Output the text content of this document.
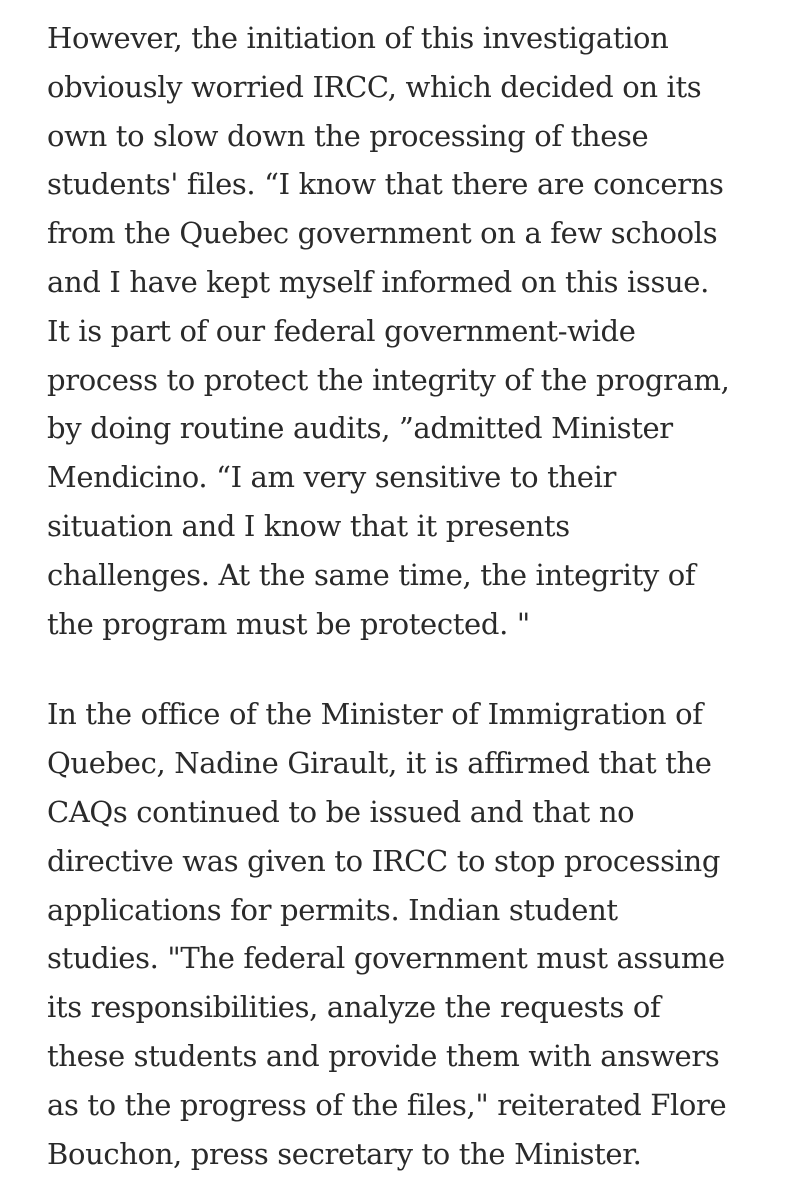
However, the initiation of this investigation
obviously worried IRCC, which decided on its
own to slow down the processing of these
students' files. “I know that there are concerns
from the Quebec government on a few schools
and I have kept myself informed on this issue.
It is part of our federal government-wide
process to protect the integrity of the program,
by doing routine audits, ”admitted Minister
Mendicino. “I am very sensitive to their
situation and I know that it presents
challenges. At the same time, the integrity of
the program must be protected. "

In the office of the Minister of Immigration of
Quebec, Nadine Girault, it is affirmed that the
CAQs continued to be issued and that no
directive was given to IRCC to stop processing
applications for permits. Indian student
studies. "The federal government must assume
its responsibilities, analyze the requests of
these students and provide them with answers
as to the progress of the files," reiterated Flore
Bouchon, press secretary to the Minister.
